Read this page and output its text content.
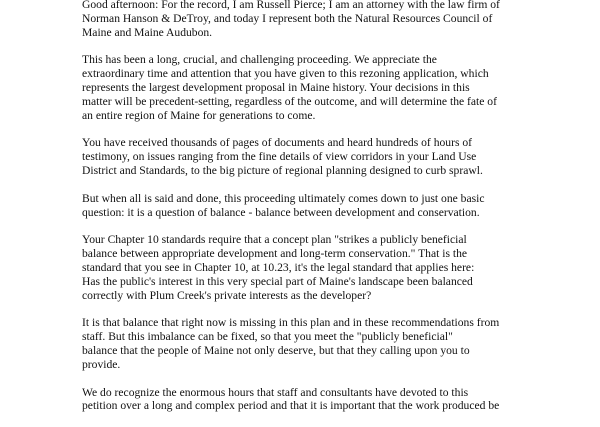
Good afternoon: For the record, I am Russell Pierce; I am an attorney with the law firm of
Norman Hanson & DeTroy, and today I represent both the Natural Resources Council of
Maine and Maine Audubon.

This has been a long, crucial, and challenging proceeding. We appreciate the
extraordinary time and attention that you have given to this rezoning application, which
represents the largest development proposal in Maine history. Your decisions in this
matter will be precedent-setting, regardless of the outcome, and will determine the fate of
an entire region of Maine for generations to come.

You have received thousands of pages of documents and heard hundreds of hours of
testimony, on issues ranging from the fine details of view corridors in your Land Use
District and Standards, to the big picture of regional planning designed to curb sprawl.

But when all is said and done, this proceeding ultimately comes down to just one basic
question: it is a question of balance - balance between development and conservation.

Your Chapter 10 standards require that a concept plan "strikes a publicly beneficial
balance between appropriate development and long-term conservation." That is the
standard that you see in Chapter 10, at 10.23, it's the legal standard that applies here:
Has the public's interest in this very special part of Maine's landscape been balanced
correctly with Plum Creek's private interests as the developer?

It is that balance that right now is missing in this plan and in these recommendations from
staff. But this imbalance can be fixed, so that you meet the "publicly beneficial"
balance that the people of Maine not only deserve, but that they calling upon you to
provide.

We do recognize the enormous hours that staff and consultants have devoted to this
petition over a long and complex period and that it is important that the work produced be
